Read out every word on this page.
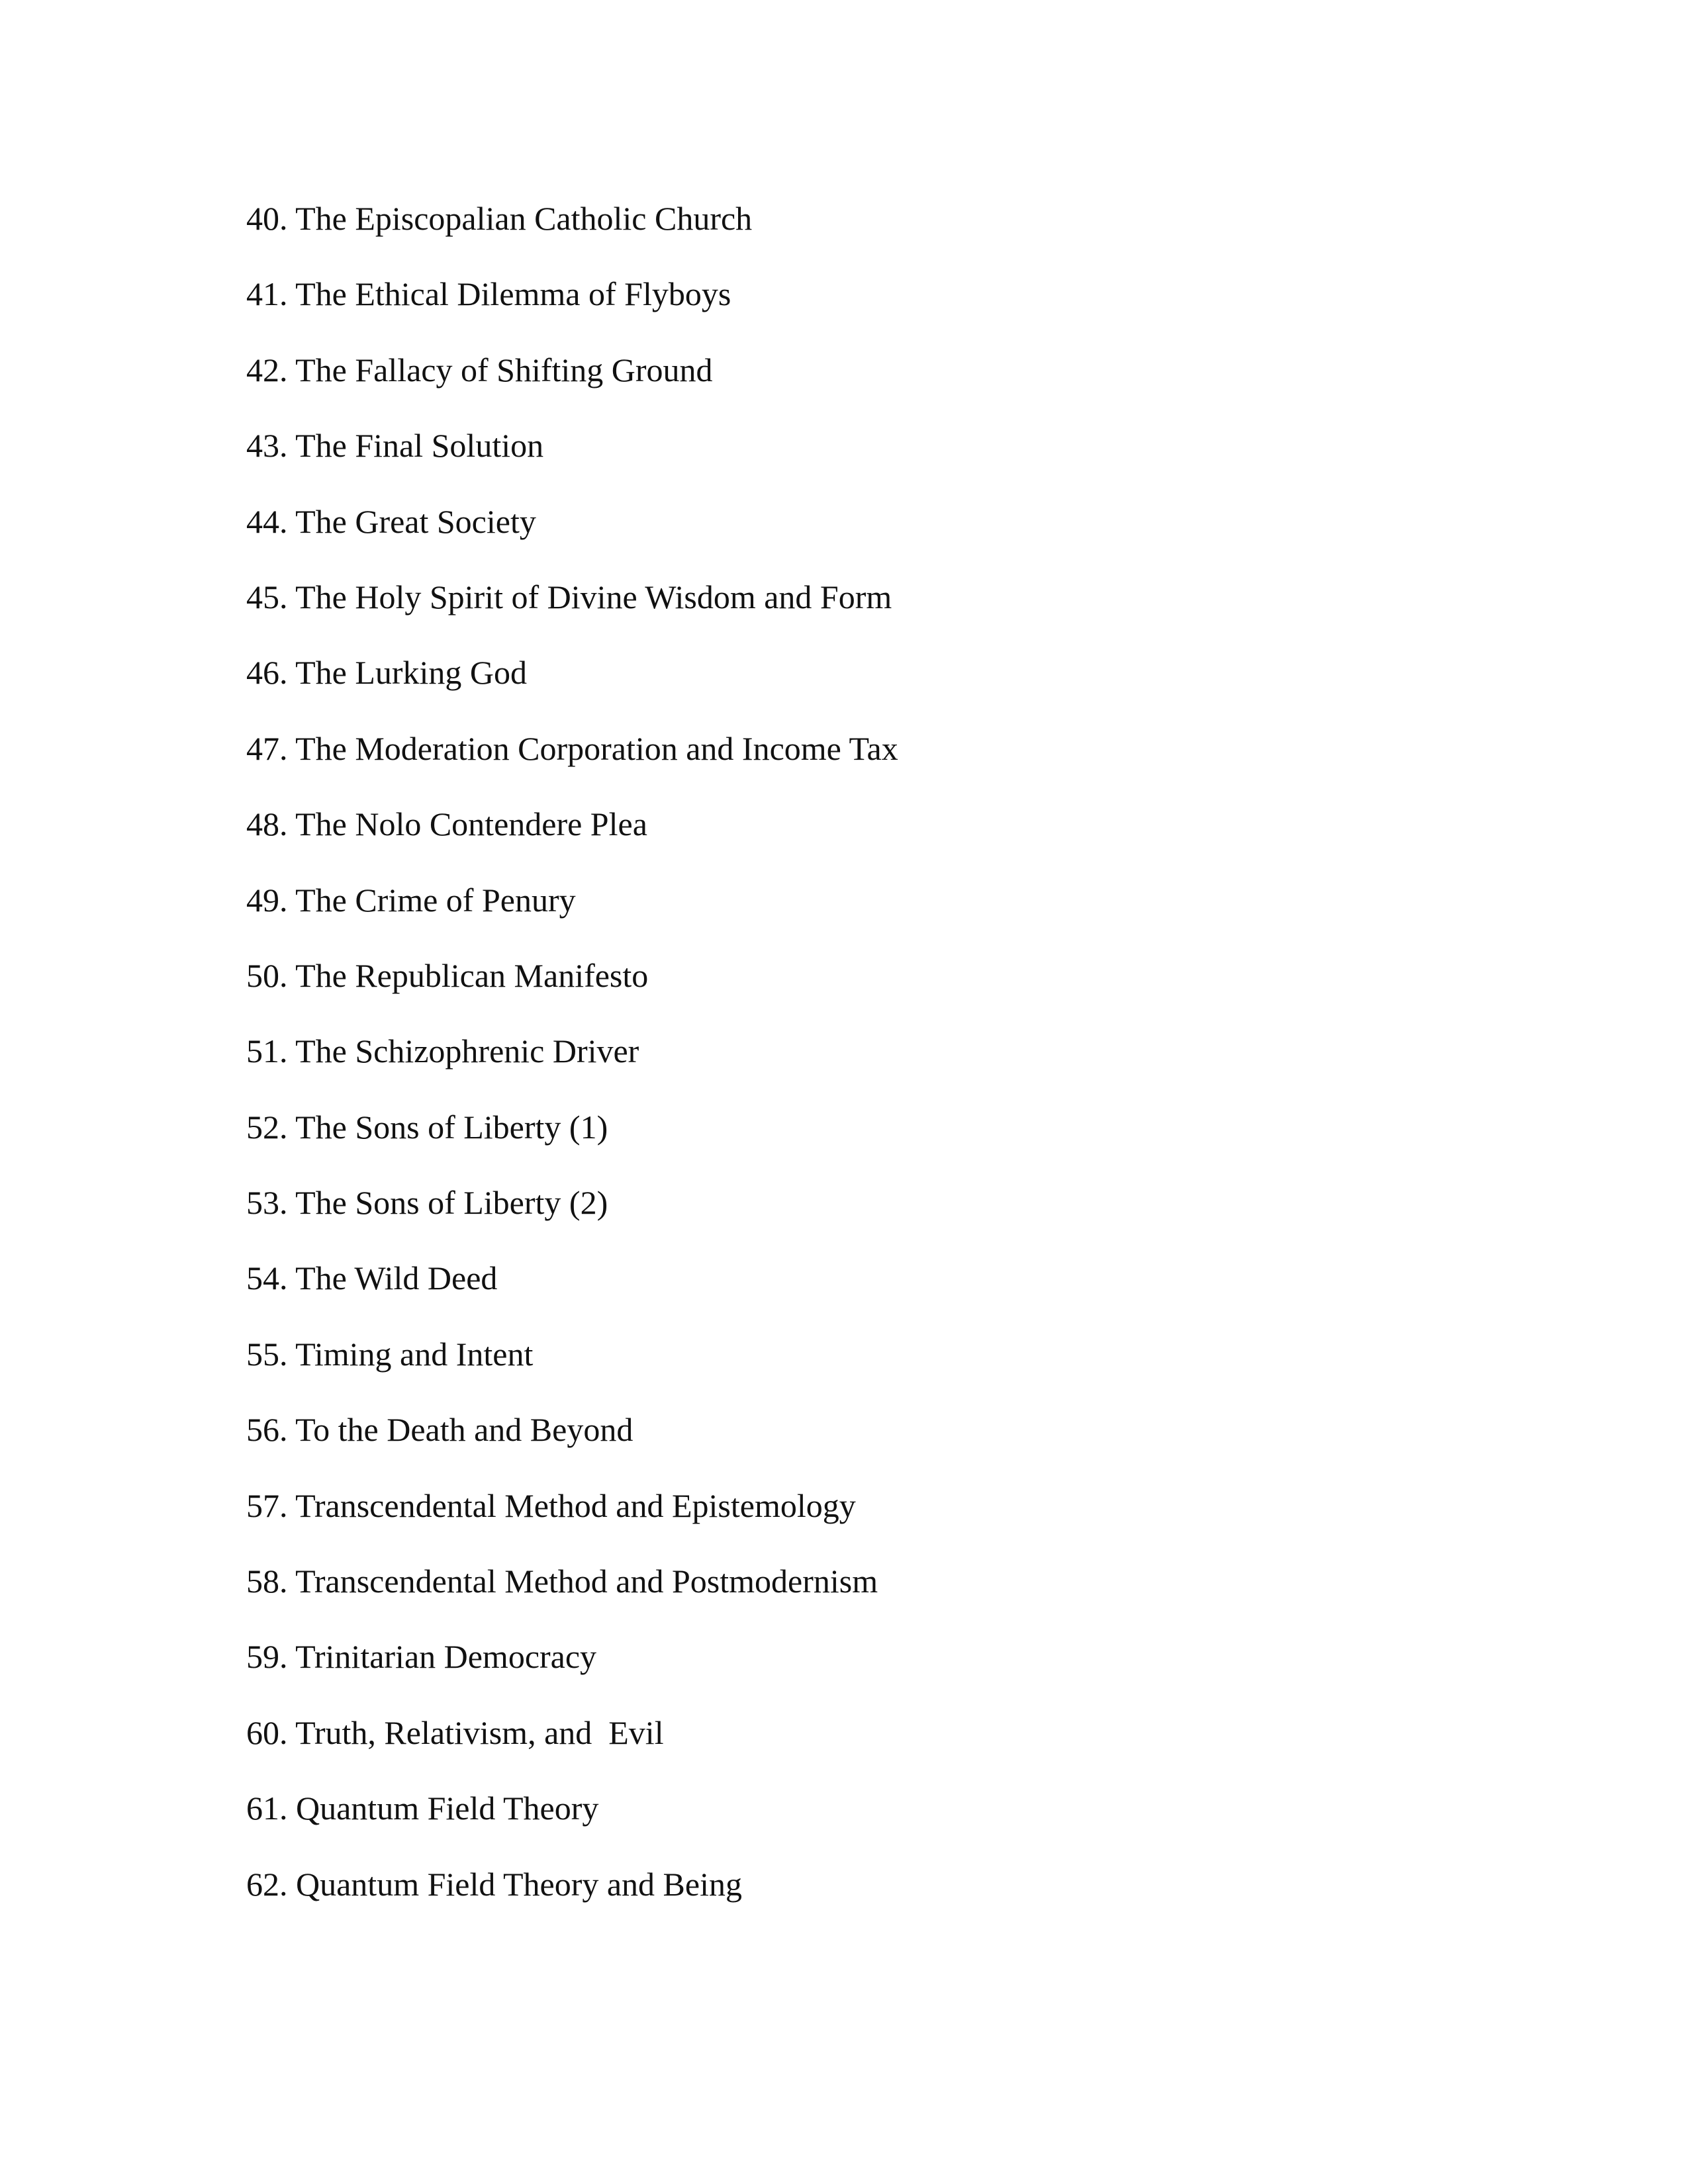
40. The Episcopalian Catholic Church
41. The Ethical Dilemma of Flyboys
42. The Fallacy of Shifting Ground
43. The Final Solution
44. The Great Society
45. The Holy Spirit of Divine Wisdom and Form
46. The Lurking God
47. The Moderation Corporation and Income Tax
48. The Nolo Contendere Plea
49. The Crime of Penury
50. The Republican Manifesto
51. The Schizophrenic Driver
52. The Sons of Liberty (1)
53. The Sons of Liberty (2)
54. The Wild Deed
55. Timing and Intent
56. To the Death and Beyond
57. Transcendental Method and Epistemology
58. Transcendental Method and Postmodernism
59. Trinitarian Democracy
60. Truth, Relativism, and  Evil
61. Quantum Field Theory
62. Quantum Field Theory and Being
